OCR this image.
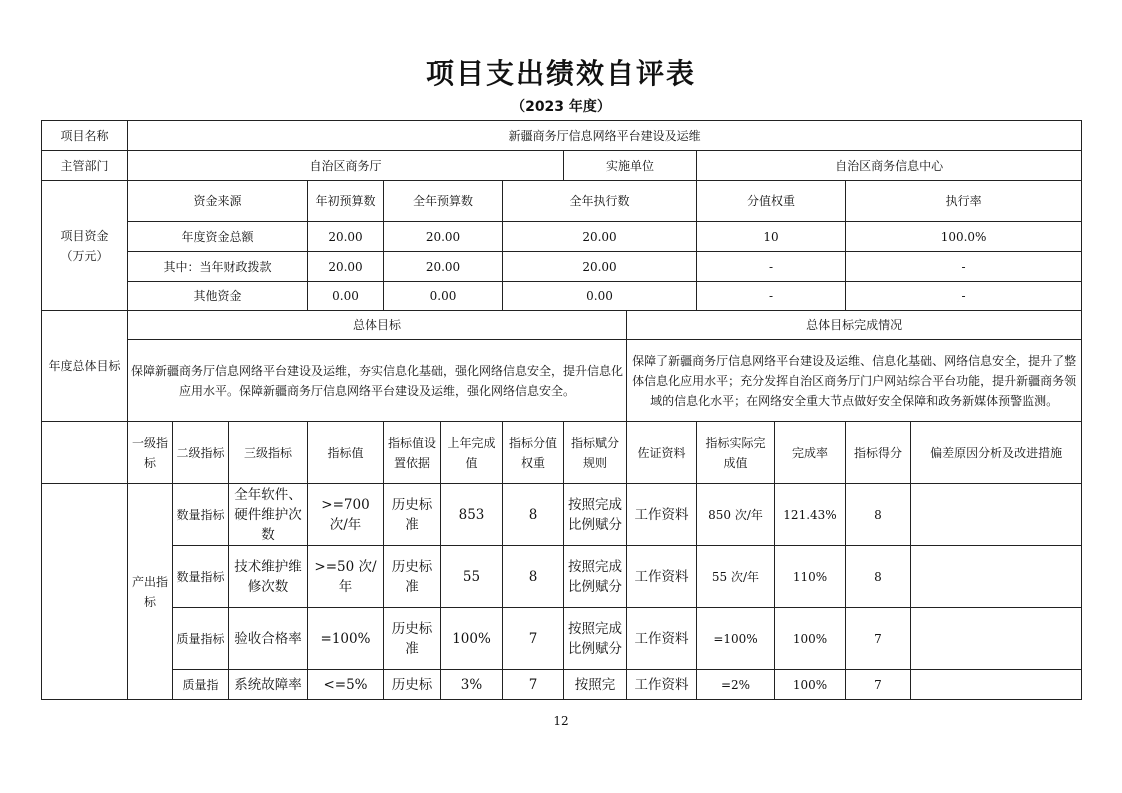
项目支出绩效自评表
（2023 年度）
项目名称	新疆商务厅信息网络平台建设及运维													
主管部门	自治区商务厅							实施单位		自治区商务信息中心				

项目资金
（万元）	资金来源			年初预算数	全年预算数		全年执行数			分值权重		执行率	
	年度资金总额			20.00	20.00		20.00			10		100.0%	
	其中：当年财政拨款			20.00	20.00		20.00			-		-	
	其他资金			0.00	0.00		0.00			-		-	
年度总体目标	总体目标								总体目标完成情况					
	保障新疆商务厅信息网络平台建设及运维，夯实信息化基础，强化网络信息安全，提升信息化应用水平。保障新疆商务厅信息网络平台建设及运维，强化网络信息安全。								保障了新疆商务厅信息网络平台建设及运维、信息化基础、网络信息安全，提升了整体信息化应用水平；充分发挥自治区商务厅门户网站综合平台功能，提升新疆商务领域的信息化水平；在网络安全重大节点做好安全保障和政务新媒体预警监测。					
	一级指标	二级指标	三级指标	指标值	指标值设置依据	上年完成值	指标分值权重	指标赋分规则	佐证资料	指标实际完成值	完成率	指标得分	偏差原因分析及改进措施	
	产出指标	数量指标	全年软件、硬件维护次数	>=700 次/年	历史标准	853	8	按照完成比例赋分	工作资料	850 次/年	121.43%	8		
		数量指标	技术维护维修次数	>=50 次/年	历史标准	55	8	按照完成比例赋分	工作资料	55 次/年	110%	8		
		质量指标	验收合格率	=100%	历史标准	100%	7	按照完成比例赋分	工作资料	=100%	100%	7		
		质量指	系统故障率	<=5%	历史标	3%	7	按照完	工作资料	=2%	100%	7		
12
